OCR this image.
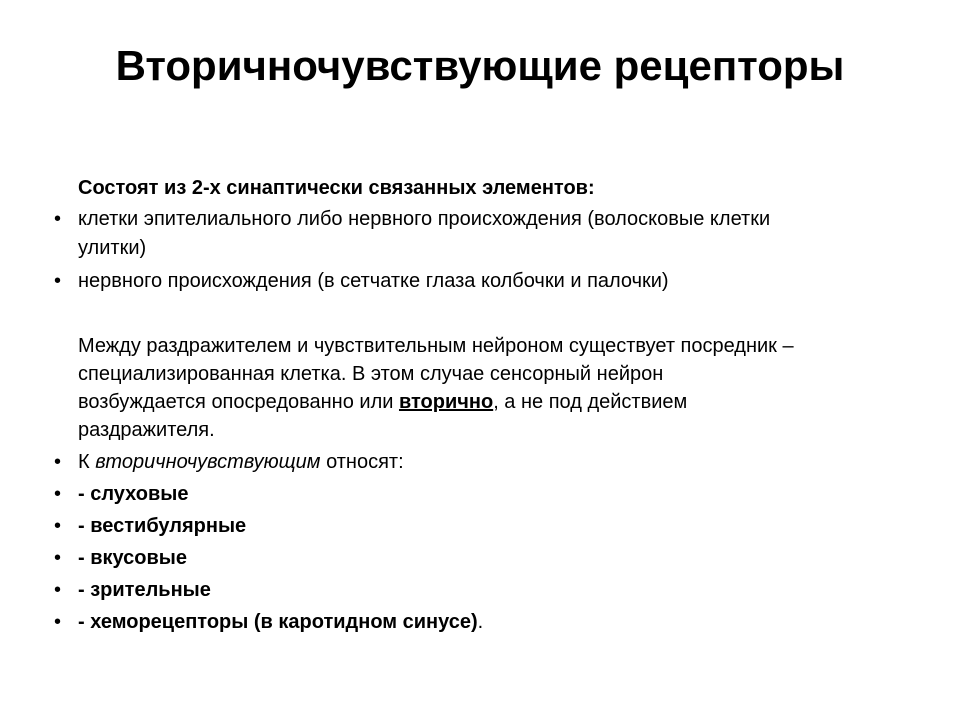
Вторичночувствующие рецепторы
Состоят из 2-х синаптически связанных элементов:
• клетки эпителиального либо нервного происхождения (волосковые клетки
улитки)
• нервного происхождения (в сетчатке глаза колбочки и палочки)
Между раздражителем и чувствительным нейроном существует посредник –
специализированная клетка. В этом случае сенсорный нейрон
возбуждается опосредованно или вторично, а не под действием
раздражителя.
• К вторичночувствующим относят:
• - слуховые
• - вестибулярные
• - вкусовые
• - зрительные
• - хеморецепторы (в каротидном синусе).
